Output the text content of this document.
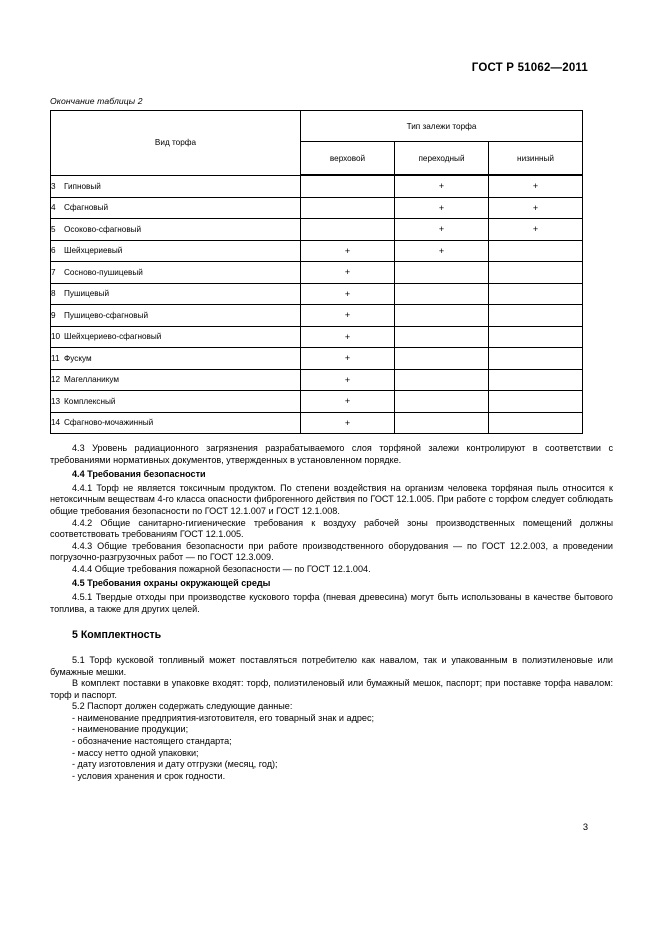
ГОСТ Р 51062—2011
Окончание таблицы 2
Вид торфа	Тип залежи торфа		
	верховой	переходный	низинный
3 Гипновый		+	+
4 Сфагновый		+	+
5 Осоково-сфагновый		+	+
6 Шейхцериевый	+	+	
7 Сосново-пушицевый	+		
8 Пушицевый	+		
9 Пушицево-сфагновый	+		
10 Шейхцериево-сфагновый	+		
11 Фускум	+		
12 Магелланикум	+		
13 Комплексный	+		
14 Сфагново-мочажинный	+		

4.3 Уровень радиационного загрязнения разрабатываемого слоя торфяной залежи контролируют в соответствии с требованиями нормативных документов, утвержденных в установленном порядке.

4.4 Требования безопасности

4.4.1 Торф не является токсичным продуктом. По степени воздействия на организм человека торфяная пыль относится к нетоксичным веществам 4-го класса опасности фиброгенного действия по ГОСТ 12.1.005. При работе с торфом следует соблюдать общие требования безопасности по ГОСТ 12.1.007 и ГОСТ 12.1.008.

4.4.2 Общие санитарно-гигиенические требования к воздуху рабочей зоны производственных помещений должны соответствовать требованиям ГОСТ 12.1.005.

4.4.3 Общие требования безопасности при работе производственного оборудования — по ГОСТ 12.2.003, а проведении погрузочно-разгрузочных работ — по ГОСТ 12.3.009.

4.4.4 Общие требования пожарной безопасности — по ГОСТ 12.1.004.

4.5 Требования охраны окружающей среды

4.5.1 Твердые отходы при производстве кускового торфа (пневая древесина) могут быть использованы в качестве бытового топлива, а также для других целей.

5 Комплектность

5.1 Торф кусковой топливный может поставляться потребителю как навалом, так и упакованным в полиэтиленовые или бумажные мешки.

В комплект поставки в упаковке входят: торф, полиэтиленовый или бумажный мешок, паспорт; при поставке торфа навалом: торф и паспорт.

5.2 Паспорт должен содержать следующие данные:

- наименование предприятия-изготовителя, его товарный знак и адрес;
- наименование продукции;
- обозначение настоящего стандарта;
- массу нетто одной упаковки;
- дату изготовления и дату отгрузки (месяц, год);
- условия хранения и срок годности.
3
